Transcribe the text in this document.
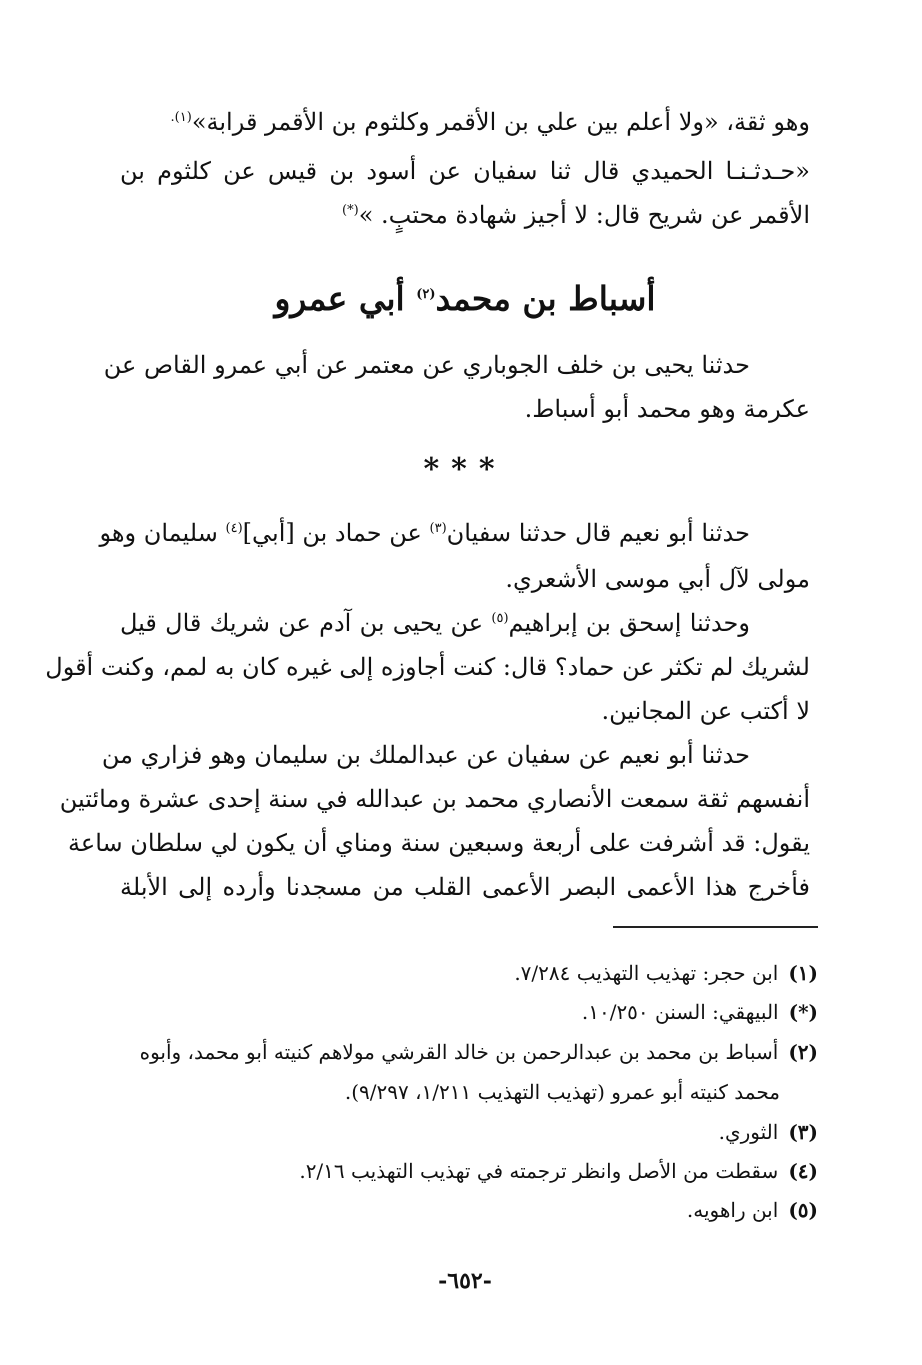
وهو ثقة، «ولا أعلم بين علي بن الأقمر وكلثوم بن الأقمر قرابة»$^{(١).}$
«حـدثـنـا الحميدي قال ثنا سفيان عن أسود بن قيس عن كلثوم بن
الأقمر عن شريح قال: لا أجيز شهادة محتبٍ. »(*)
أسباط بن محمد$^{(٢)}$ أبي عمرو
حدثنا يحيى بن خلف الجوباري عن معتمر عن أبي عمرو القاص عن
عكرمة وهو محمد أبو أسباط.
***
حدثنا أبو نعيم قال حدثنا سفيان$^{(٣)}$ عن حماد بن [أبي]$^{(٤)}$ سليمان وهو
مولى لآل أبي موسى الأشعري.
وحدثنا إسحق بن إبراهيم$^{(٥)}$ عن يحيى بن آدم عن شريك قال قيل
لشريك لم تكثر عن حماد؟ قال: كنت أجاوزه إلى غيره كان به لمم، وكنت أقول
لا أكتب عن المجانين.
حدثنا أبو نعيم عن سفيان عن عبدالملك بن سليمان وهو فزاري من
أنفسهم ثقة سمعت الأنصاري محمد بن عبدالله في سنة إحدى عشرة ومائتين
يقول: قد أشرفت على أربعة وسبعين سنة ومناي أن يكون لي سلطان ساعة
فأخرج هذا الأعمى البصر الأعمى القلب من مسجدنا وأرده إلى الأبلة
(١)ابن حجر: تهذيب التهذيب ٧/٢٨٤.
(*)البيهقي: السنن ١٠/٢٥٠.
(٢)أسباط بن محمد بن عبدالرحمن بن خالد القرشي مولاهم كنيته أبو محمد، وأبوه
محمد كنيته أبو عمرو (تهذيب التهذيب ١/٢١١، ٩/٢٩٧).
(٣)الثوري.
(٤)سقطت من الأصل وانظر ترجمته في تهذيب التهذيب ٢/١٦.
(٥)ابن راهويه.
-٦٥٢-
